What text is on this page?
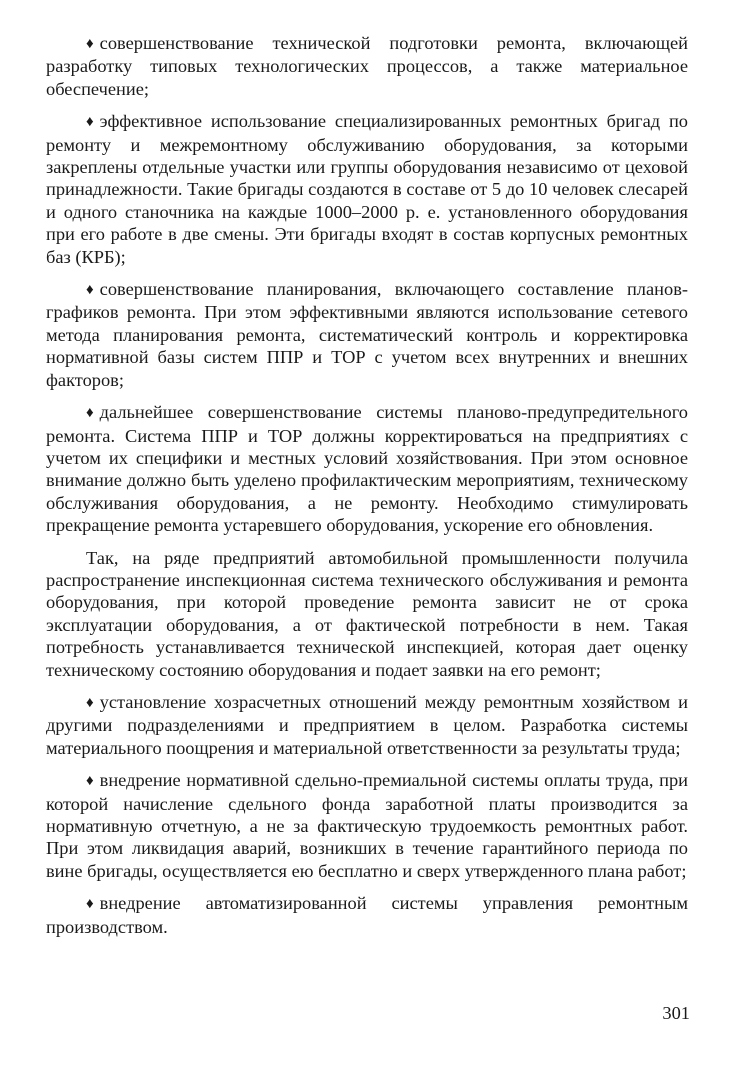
♦ совершенствование технической подготовки ремонта, включающей разработку типовых технологических процессов, а также материальное обеспечение;

♦ эффективное использование специализированных ремонтных бригад по ремонту и межремонтному обслуживанию оборудования, за которыми закреплены отдельные участки или группы оборудования независимо от цеховой принадлежности. Такие бригады создаются в составе от 5 до 10 человек слесарей и одного станочника на каждые 1000–2000 р. е. установленного оборудования при его работе в две смены. Эти бригады входят в состав корпусных ремонтных баз (КРБ);

♦ совершенствование планирования, включающего составление планов-графиков ремонта. При этом эффективными являются использование сетевого метода планирования ремонта, систематический контроль и корректировка нормативной базы систем ППР и ТОР с учетом всех внутренних и внешних факторов;

♦ дальнейшее совершенствование системы планово-предупредительного ремонта. Система ППР и ТОР должны корректироваться на предприятиях с учетом их специфики и местных условий хозяйствования. При этом основное внимание должно быть уделено профилактическим мероприятиям, техническому обслуживания оборудования, а не ремонту. Необходимо стимулировать прекращение ремонта устаревшего оборудования, ускорение его обновления.

Так, на ряде предприятий автомобильной промышленности получила распространение инспекционная система технического обслуживания и ремонта оборудования, при которой проведение ремонта зависит не от срока эксплуатации оборудования, а от фактической потребности в нем. Такая потребность устанавливается технической инспекцией, которая дает оценку техническому состоянию оборудования и подает заявки на его ремонт;

♦ установление хозрасчетных отношений между ремонтным хозяйством и другими подразделениями и предприятием в целом. Разработка системы материального поощрения и материальной ответственности за результаты труда;

♦ внедрение нормативной сдельно-премиальной системы оплаты труда, при которой начисление сдельного фонда заработной платы производится за нормативную отчетную, а не за фактическую трудоемкость ремонтных работ. При этом ликвидация аварий, возникших в течение гарантийного периода по вине бригады, осуществляется ею бесплатно и сверх утвержденного плана работ;

♦ внедрение автоматизированной системы управления ремонтным производством.

301
